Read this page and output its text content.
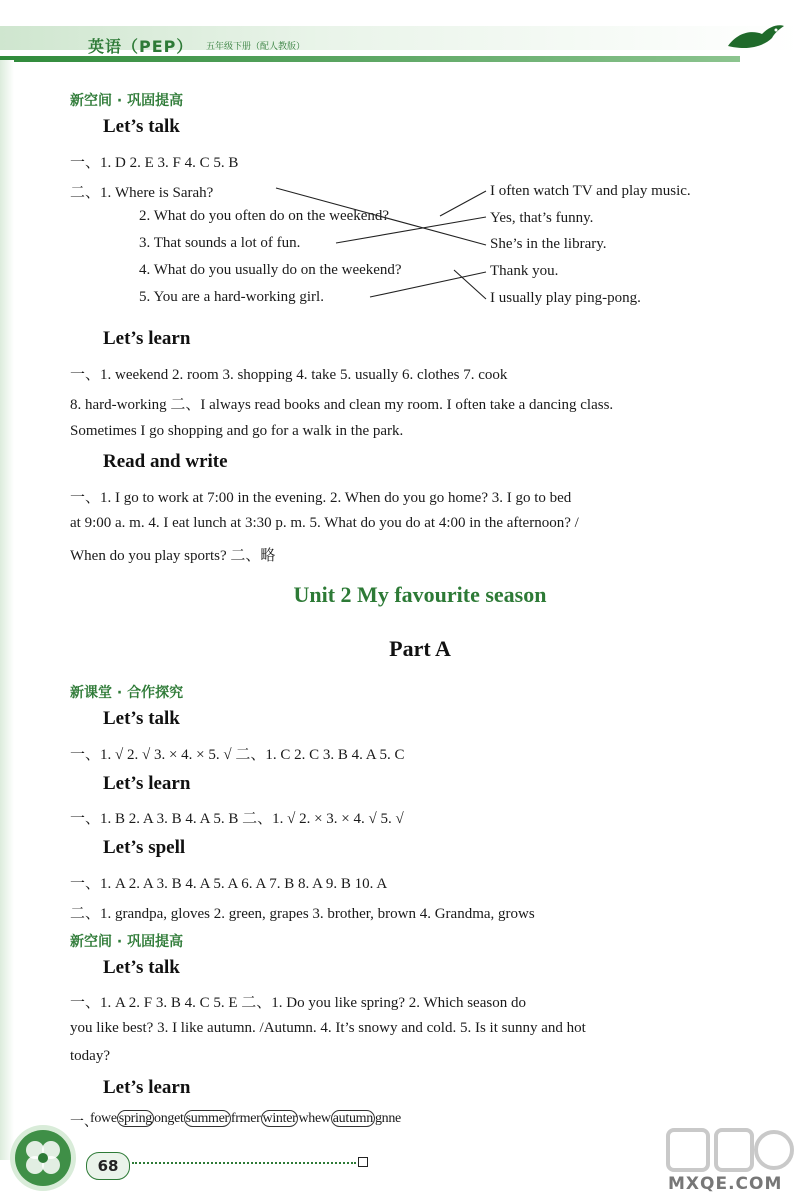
英语（PEP） 五年级下册（配人教版）
新空间 · 巩固提高
Let’s talk
一、1. D 2. E 3. F 4. C 5. B
二、1. Where is Sarah?
2. What do you often do on the weekend?
3. That sounds a lot of fun.
4. What do you usually do on the weekend?
5. You are a hard-working girl.
I often watch TV and play music.
Yes, that’s funny.
She’s in the library.
Thank you.
I usually play ping-pong.
Let’s learn
一、1. weekend 2. room 3. shopping 4. take 5. usually 6. clothes 7. cook
8. hard-working 二、I always read books and clean my room. I often take a dancing class.
Sometimes I go shopping and go for a walk in the park.
Read and write
一、1. I go to work at 7:00 in the evening. 2. When do you go home? 3. I go to bed
at 9:00 a. m. 4. I eat lunch at 3:30 p. m. 5. What do you do at 4:00 in the afternoon? /
When do you play sports? 二、略
Unit 2 My favourite season
Part A
新课堂 · 合作探究
Let’s talk
一、1. √ 2. √ 3. × 4. × 5. √ 二、1. C 2. C 3. B 4. A 5. C
Let’s learn
一、1. B 2. A 3. B 4. A 5. B 二、1. √ 2. × 3. × 4. √ 5. √
Let’s spell
一、1. A 2. A 3. B 4. A 5. A 6. A 7. B 8. A 9. B 10. A
二、1. grandpa, gloves 2. green, grapes 3. brother, brown 4. Grandma, grows
新空间 · 巩固提高
Let’s talk
一、1. A 2. F 3. B 4. C 5. E 二、1. Do you like spring? 2. Which season do
you like best? 3. I like autumn. /Autumn. 4. It’s snowy and cold. 5. Is it sunny and hot
today?
Let’s learn
一、
fowe spring onget summer frmer winter whew autumn gnne
68
MXQE.COM
